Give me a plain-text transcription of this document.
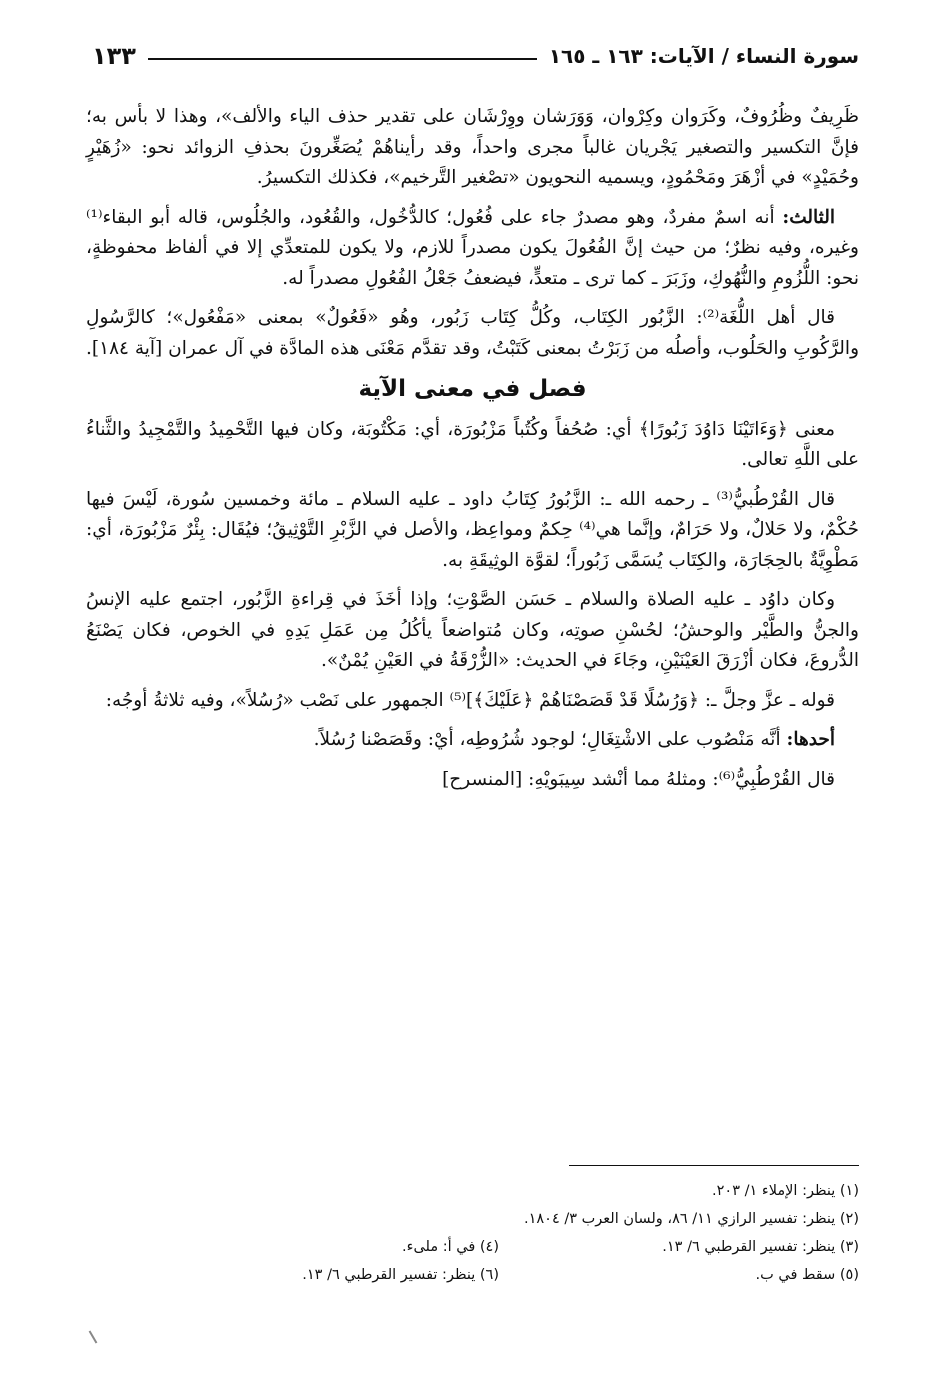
سورة النساء / الآيات: ١٦٣ ـ ١٦٥
١٣٣

ظَرِيفٌ وظُرُوفٌ، وكَرَوان وكِرْوان، وَوَرَشان ووِرْشَان على تقدير حذف الياء والألف»، وهذا لا بأس به؛ فإنَّ التكسير والتصغير يَجْريان غالباً مجرى واحداً، وقد رأيناهُمْ يُصَغِّرونَ بحذفِ الزوائد نحو: «زُهَيْرٍ وحُمَيْدٍ» في أزْهَرَ ومَحْمُودٍ، ويسميه النحويون «تصْغير التَّرخيم»، فكذلك التكسيرُ.

الثالث: أنه اسمٌ مفردٌ، وهو مصدرٌ جاء على فُعُول؛ كالدُّخُول، والقُعُود، والجُلُوس، قاله أبو البقاء⁽¹⁾ وغيره، وفيه نظرٌ؛ من حيث إنَّ الفُعُولَ يكون مصدراً للازم، ولا يكون للمتعدِّي إلا في ألفاظ محفوظةٍ، نحو: اللُّزُومِ والنُّهُوكِ، وزَبَرَ ـ كما ترى ـ متعدٍّ، فيضعفُ جَعْلُ الفُعُولِ مصدراً له.

قال أهل اللُّغَة⁽²⁾: الزَّبُور الكِتَاب، وكُلُّ كِتَاب زَبُور، وهُو «فَعُولٌ» بمعنى «مَفْعُول»؛ كالرَّسُولِ والرَّكُوبِ والحَلُوب، وأصلُه من زَبَرْتُ بمعنى كَتَبْتُ، وقد تقدَّم مَعْنَى هذه المادَّة في آل عمران [آية ١٨٤].

فصل في معنى الآية

معنى ﴿وَءَاتَيْنَا دَاوُدَ زَبُورًا﴾ أي: صُحُفاً وكُتُباً مَزْبُورَة، أي: مَكْتُوبَة، وكان فيها التَّحْمِيدُ والتَّمْجِيدُ والثَّناءُ على اللَّهِ تعالى.

قال القُرْطُبيُّ⁽³⁾ ـ رحمه الله ـ: الزَّبُورُ كِتَابُ داود ـ عليه السلام ـ مائة وخمسين سُورة، لَيْسَ فيها حُكْمٌ، ولا حَلالٌ، ولا حَرَامٌ، وإنَّما هي⁽⁴⁾ حِكمٌ ومواعِظ، والأصل في الزَّبْرِ التَّوْثِيقُ؛ فيُقَال: بِئْرٌ مَزْبُورَة، أي: مَطْوِيَّةٌ بالحِجَارَة، والكِتَاب يُسَمَّى زَبُوراً؛ لقوَّة الوثِيقَةِ به.

وكان داوُد ـ عليه الصلاة والسلام ـ حَسَن الصَّوْتِ؛ وإذا أخَذَ في قِراءةِ الزَّبُور، اجتمع عليه الإنسُ والجنُّ والطَّيْر والوحشُ؛ لحُسْنِ صوتِه، وكان مُتواضعاً يأكُلُ مِن عَمَلِ يَدِهِ في الخوص، فكان يَصْنَعُ الدُّروعَ، فكان أزْرَقَ العَيْنَيْنِ، وجَاءَ في الحديث: «الزُّرْقَةُ في العَيْنِ يُمْنٌ».

قوله ـ عزَّ وجلَّ ـ: ﴿وَرُسُلًا قَدْ قَصَصْنَاهُمْ ﴿عَلَيْكَ﴾]⁽⁵⁾ الجمهور على نَصْب «رُسُلاً»، وفيه ثلاثةُ أوجُه:

أحدها: أنَّه مَنْصُوب على الاشْتِغَالِ؛ لوجود شُرُوطِه، أيْ: وقَصَصْنا رُسُلاً.

قال القُرْطُبِيُّ⁽⁶⁾: ومثلهُ مما أنْشد سِيبَويْهِ: [المنسرح]

(١) ينظر: الإملاء ١/ ٢٠٣.
(٢) ينظر: تفسير الرازي ١١/ ٨٦، ولسان العرب ٣/ ١٨٠٤.
(٣) ينظر: تفسير القرطبي ٦/ ١٣.
(٤) في أ: ملىء.
(٥) سقط في ب.
(٦) ينظر: تفسير القرطبي ٦/ ١٣.
